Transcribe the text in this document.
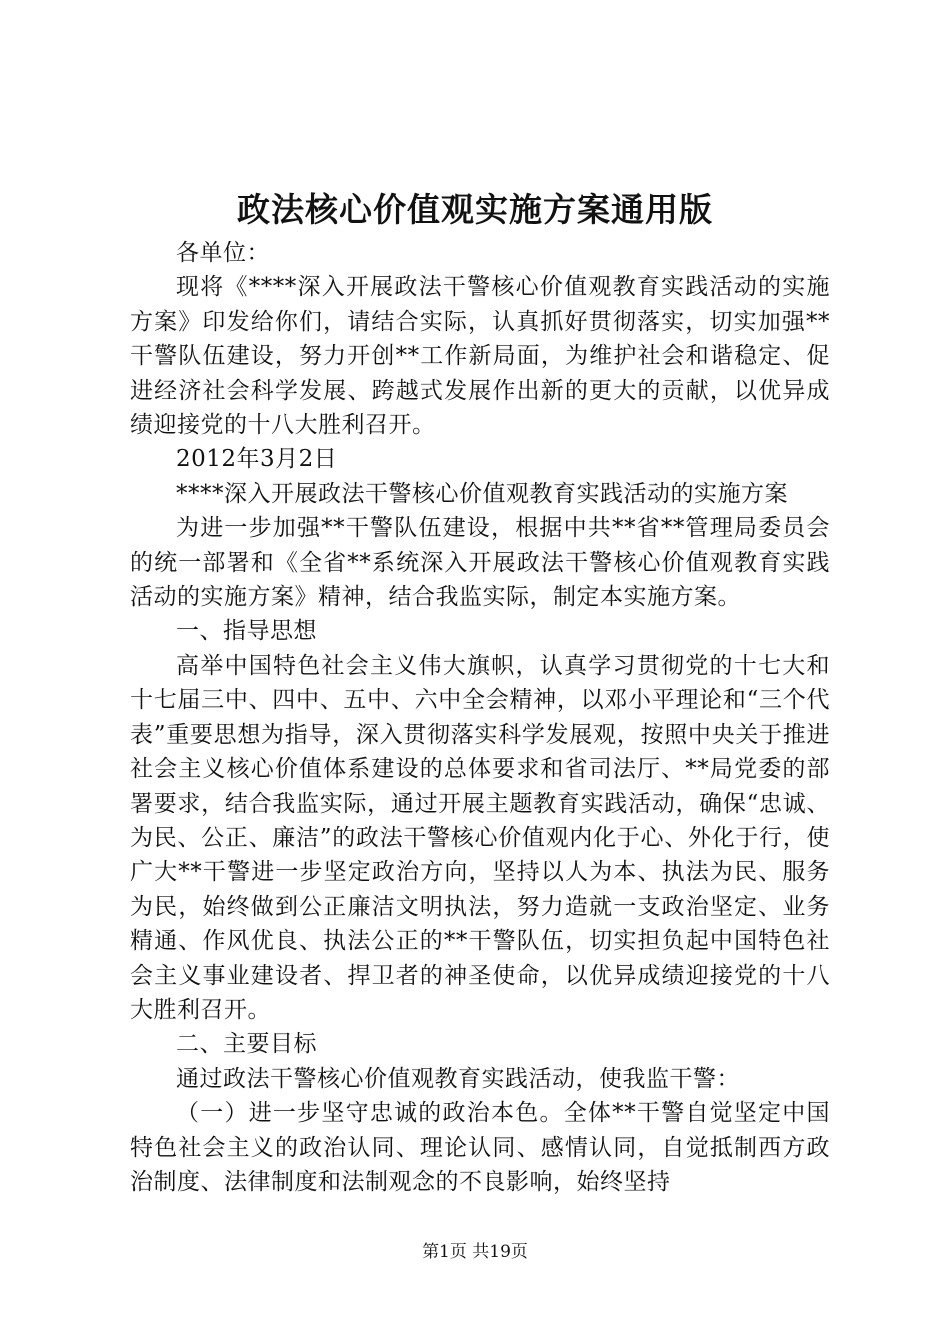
政法核心价值观实施方案通用版

各单位：

现将《****深入开展政法干警核心价值观教育实践活动的实施方案》印发给你们，请结合实际，认真抓好贯彻落实，切实加强**干警队伍建设，努力开创**工作新局面，为维护社会和谐稳定、促进经济社会科学发展、跨越式发展作出新的更大的贡献，以优异成绩迎接党的十八大胜利召开。

2012年3月2日

****深入开展政法干警核心价值观教育实践活动的实施方案

为进一步加强**干警队伍建设，根据中共**省**管理局委员会的统一部署和《全省**系统深入开展政法干警核心价值观教育实践活动的实施方案》精神，结合我监实际，制定本实施方案。

一、指导思想

高举中国特色社会主义伟大旗帜，认真学习贯彻党的十七大和十七届三中、四中、五中、六中全会精神，以邓小平理论和“三个代表”重要思想为指导，深入贯彻落实科学发展观，按照中央关于推进社会主义核心价值体系建设的总体要求和省司法厅、**局党委的部署要求，结合我监实际，通过开展主题教育实践活动，确保“忠诚、为民、公正、廉洁”的政法干警核心价值观内化于心、外化于行，使广大**干警进一步坚定政治方向，坚持以人为本、执法为民、服务为民，始终做到公正廉洁文明执法，努力造就一支政治坚定、业务精通、作风优良、执法公正的**干警队伍，切实担负起中国特色社会主义事业建设者、捍卫者的神圣使命，以优异成绩迎接党的十八大胜利召开。

二、主要目标

通过政法干警核心价值观教育实践活动，使我监干警：

（一）进一步坚守忠诚的政治本色。全体**干警自觉坚定中国特色社会主义的政治认同、理论认同、感情认同，自觉抵制西方政治制度、法律制度和法制观念的不良影响，始终坚持

第1页 共19页
